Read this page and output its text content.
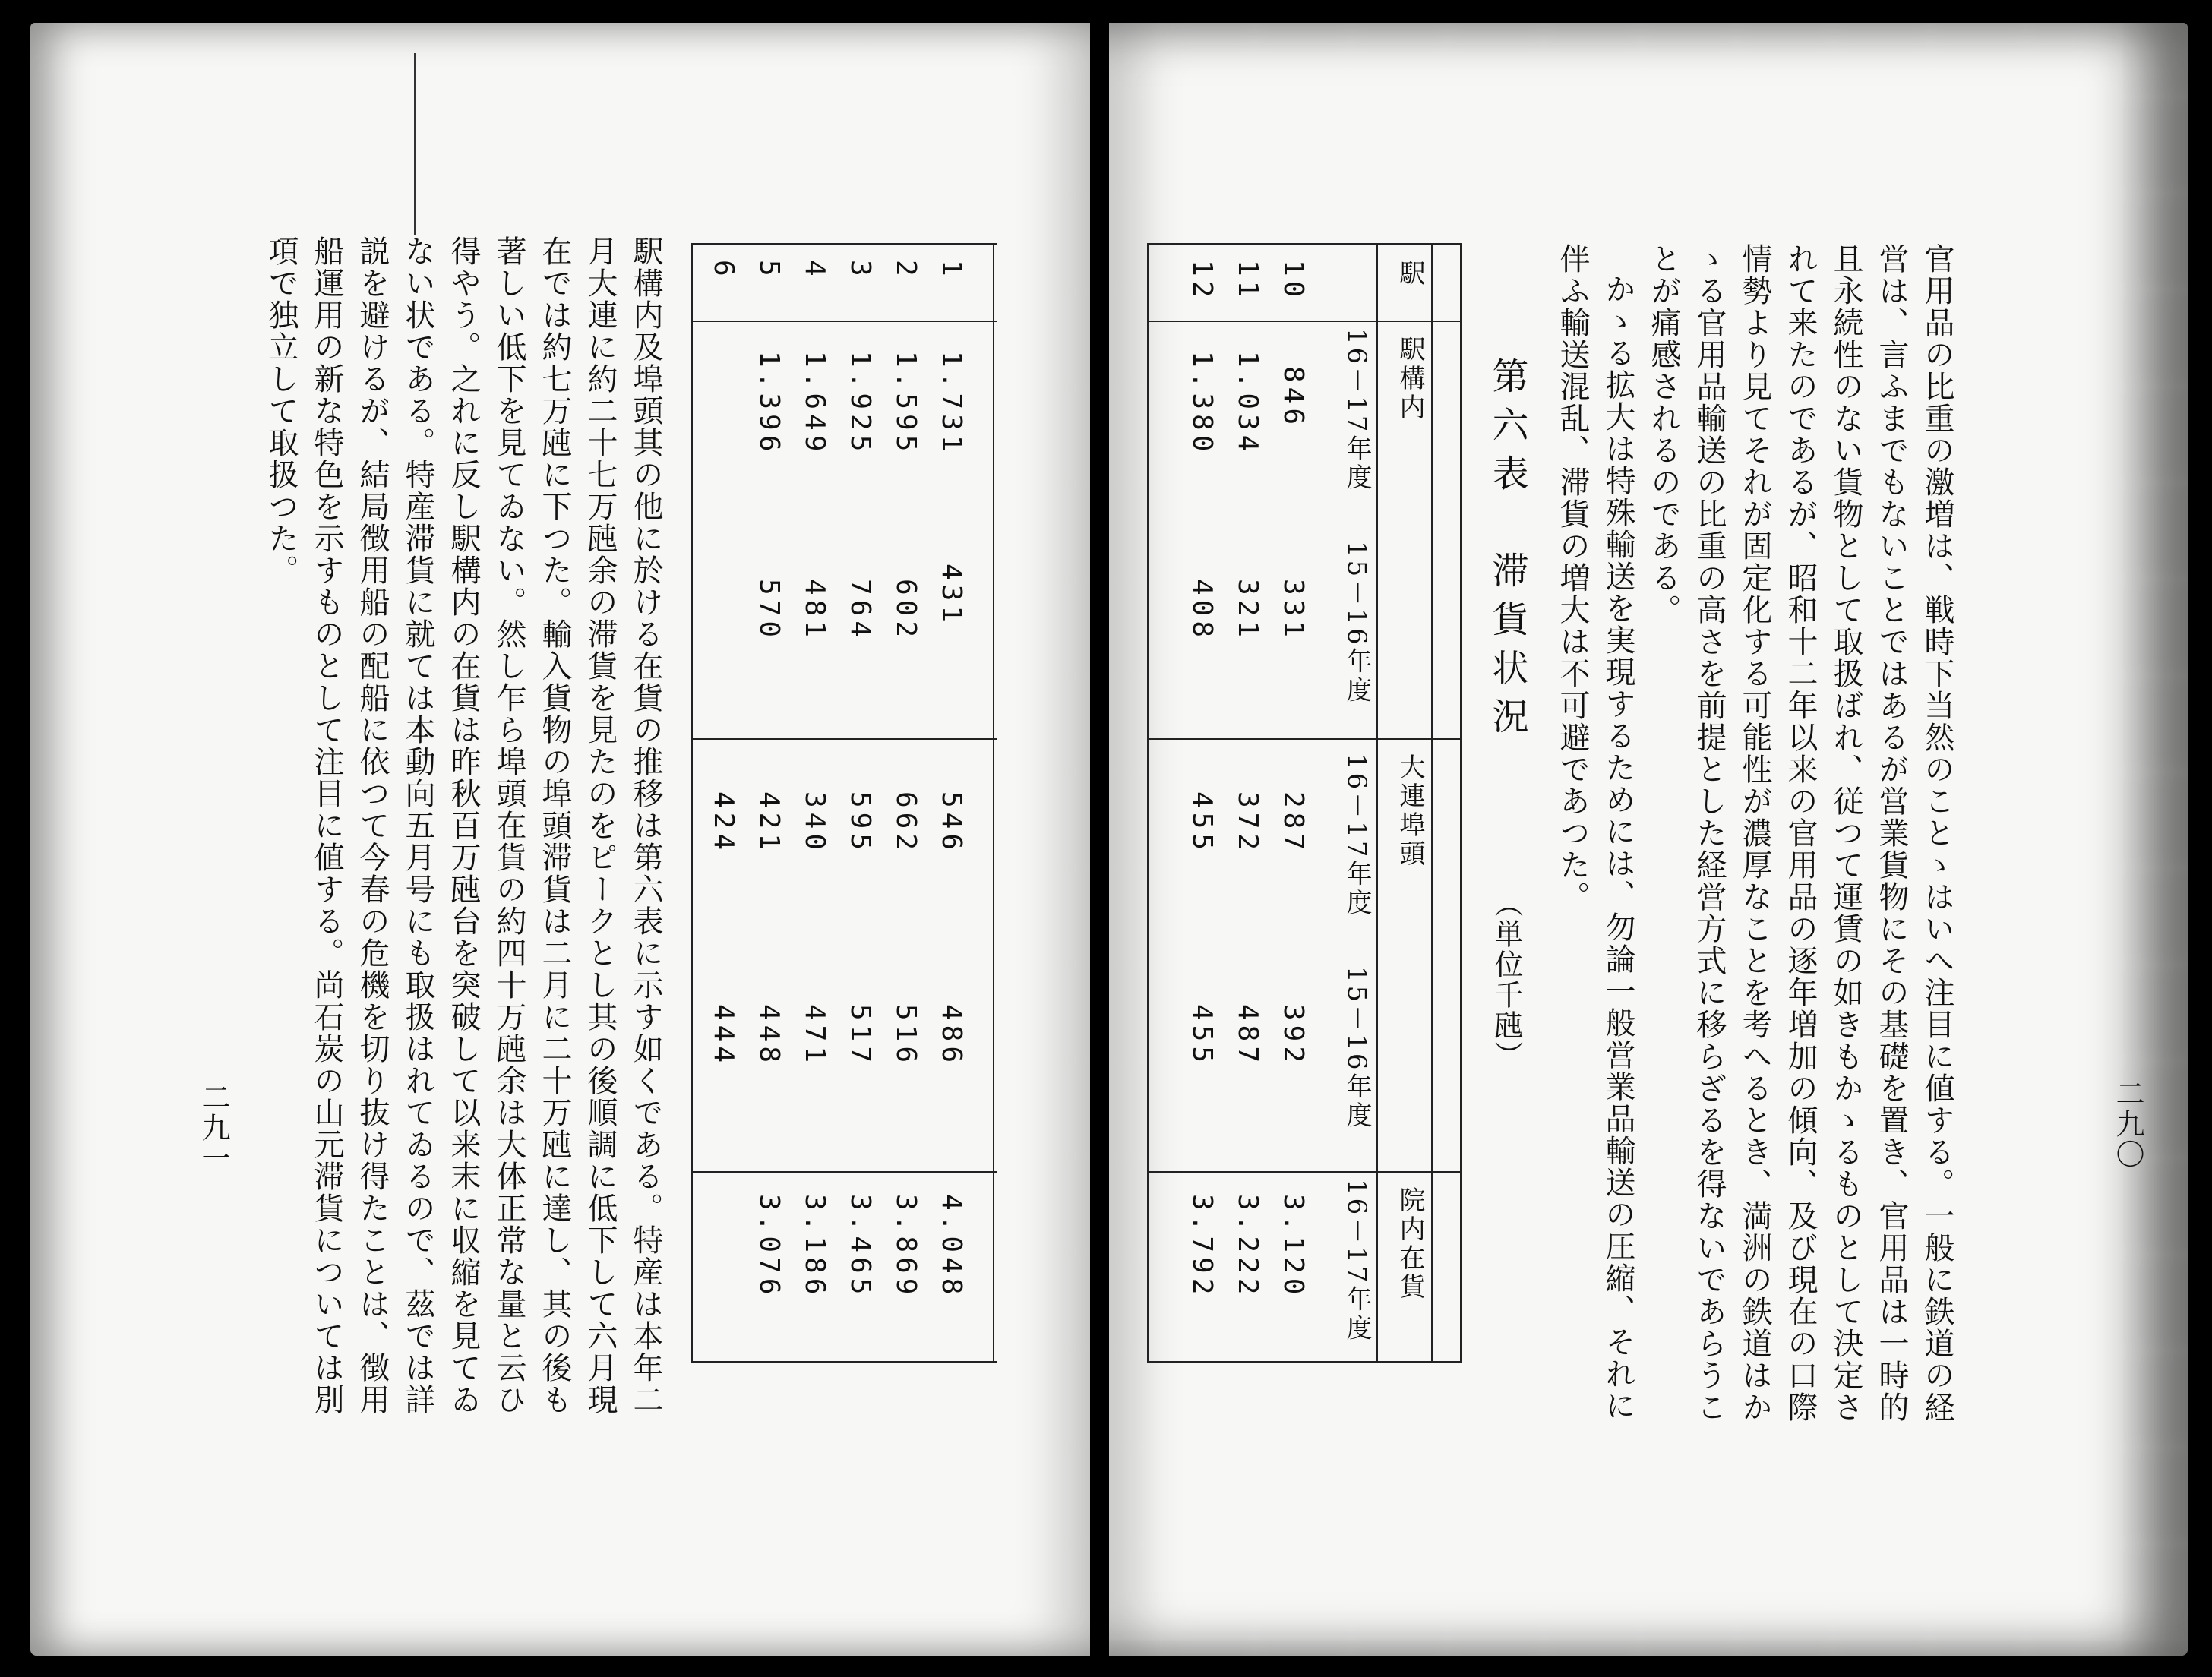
二九〇
官用品の比重の激増は、戦時下当然のことゝはいへ注目に値する。一般に鉄道の経
営は、言ふまでもないことではあるが営業貨物にその基礎を置き、官用品は一時的
且永続性のない貨物として取扱ばれ、従つて運賃の如きもかゝるものとして決定さ
れて来たのであるが、昭和十二年以来の官用品の逐年増加の傾向、及び現在の口際
情勢より見てそれが固定化する可能性が濃厚なことを考へるとき、満洲の鉄道はか
ゝる官用品輸送の比重の高さを前提とした経営方式に移らざるを得ないであらうこ
とが痛感されるのである。
かゝる拡大は特殊輸送を実現するためには、勿論一般営業品輸送の圧縮、それに
伴ふ輸送混乱、滞貨の増大は不可避であつた。
第六表　滞貨状況
（単位千瓲）
駅
駅構内
大連埠頭
院内在貨
16－17年度
15－16年度
16－17年度
15－16年度
16－17年度
10
846
331
287
392
3.120
11
1.034
321
372
487
3.222
12
1.380
408
455
455
3.792
二九一
1
1.731
431
546
486
4.048
2
1.595
602
662
516
3.869
3
1.925
764
595
517
3.465
4
1.649
481
340
471
3.186
5
1.396
570
421
448
3.076
6
424
444
駅構内及埠頭其の他に於ける在貨の推移は第六表に示す如くである。特産は本年二
月大連に約二十七万瓲余の滞貨を見たのをピークとし其の後順調に低下して六月現
在では約七万瓲に下つた。輸入貨物の埠頭滞貨は二月に二十万瓲に達し、其の後も
著しい低下を見てゐない。然し乍ら埠頭在貨の約四十万瓲余は大体正常な量と云ひ
得やう。之れに反し駅構内の在貨は昨秋百万瓲台を突破して以来末に収縮を見てゐ
ない状である。特産滞貨に就ては本動向五月号にも取扱はれてゐるので、茲では詳
説を避けるが、結局徴用船の配船に依つて今春の危機を切り抜け得たことは、徴用
船運用の新な特色を示すものとして注目に値する。尚石炭の山元滞貨については別
項で独立して取扱つた。
